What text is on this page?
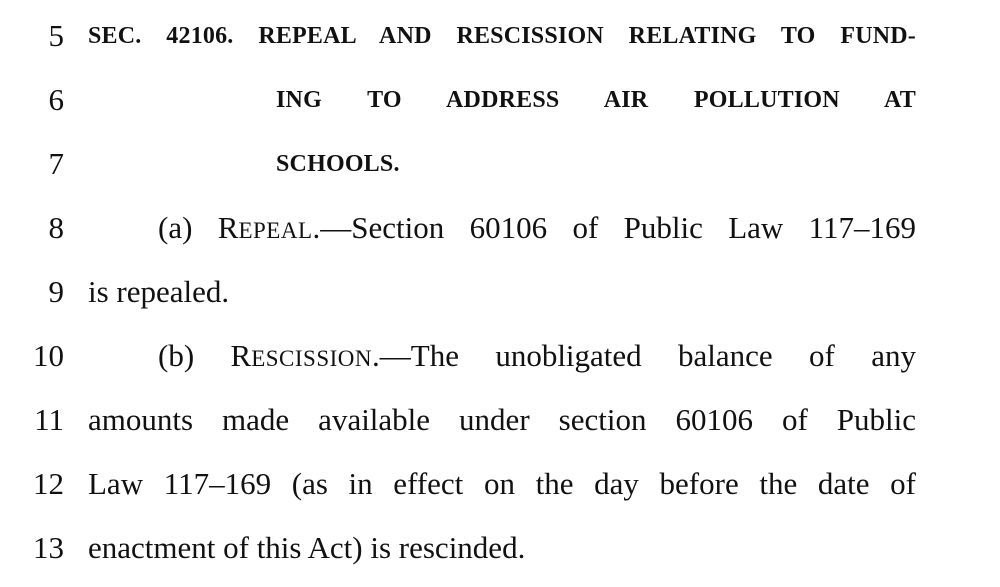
5 SEC. 42106. REPEAL AND RESCISSION RELATING TO FUND-
6	ING TO ADDRESS AIR POLLUTION AT
7	SCHOOLS.
8	(a) REPEAL.—Section 60106 of Public Law 117–169
9 is repealed.
10	(b) RESCISSION.—The unobligated balance of any
11 amounts made available under section 60106 of Public
12 Law 117–169 (as in effect on the day before the date of
13 enactment of this Act) is rescinded.
